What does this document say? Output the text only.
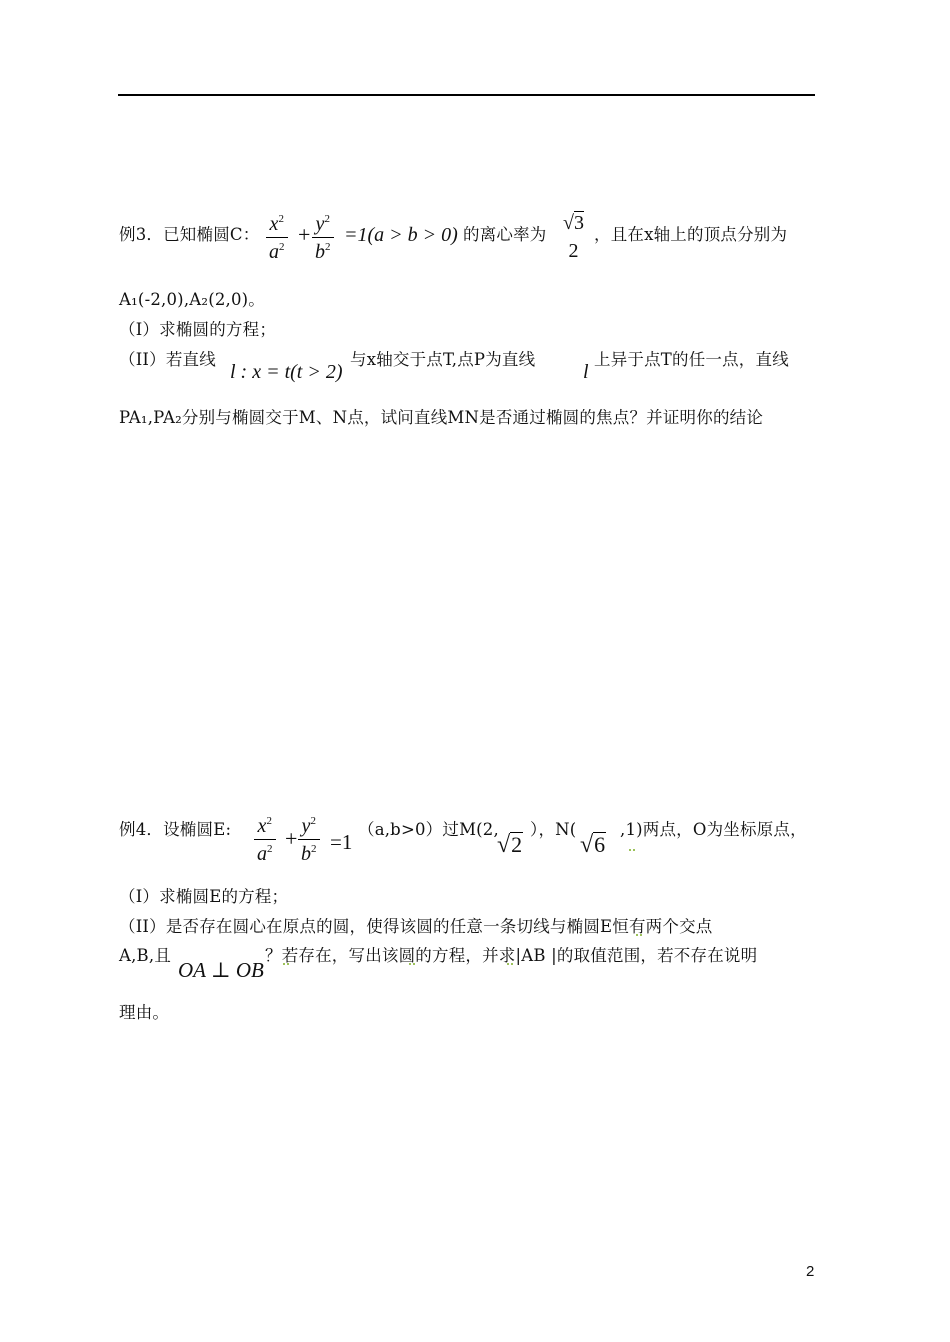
例3．已知椭圆C： $x^2$
$a^2 + y^2$
$b^2$
=1(a > b > 0) 的离心率为
√3
2
，且在x轴上的顶点分别为
A₁(-2,0),A₂(2,0)。
（I）求椭圆的方程；
（II）若直线
l : x = t(t > 2)
与x轴交于点T,点P为直线
l
上异于点T的任一点，直线
PA₁,PA₂分别与椭圆交于M、N点，试问直线MN是否通过椭圆的焦点？并证明你的结论
例4．设椭圆E: $x^2$
$a^2 + y^2$
$b^2 =1$
（a,b>0）过M(2,
√ 2
），N(
√ 6
,1)两点，O为坐标原点，
（I）求椭圆E的方程；
（II）是否存在圆心在原点的圆，使得该圆的任意一条切线与椭圆E恒有两个交点
A,B,且
OA ⊥ OB
？若存在，写出该圆的方程，并求|AB |的取值范围，若不存在说明
理由。
2
